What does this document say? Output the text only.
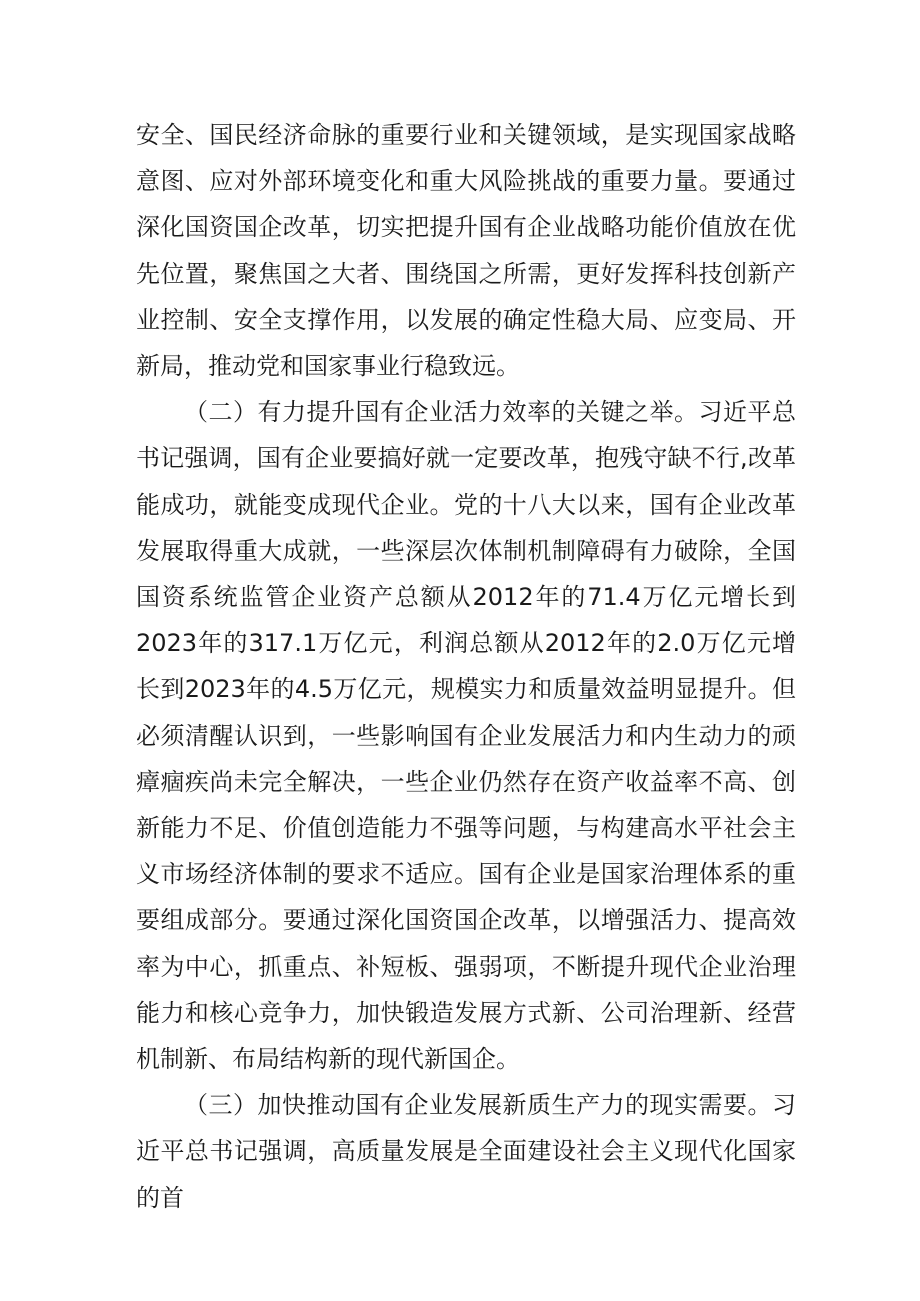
安全、国民经济命脉的重要行业和关键领域，是实现国家战略意图、应对外部环境变化和重大风险挑战的重要力量。要通过深化国资国企改革，切实把提升国有企业战略功能价值放在优先位置，聚焦国之大者、围绕国之所需，更好发挥科技创新产业控制、安全支撑作用，以发展的确定性稳大局、应变局、开新局，推动党和国家事业行稳致远。

（二）有力提升国有企业活力效率的关键之举。习近平总书记强调，国有企业要搞好就一定要改革，抱残守缺不行,改革能成功，就能变成现代企业。党的十八大以来，国有企业改革发展取得重大成就，一些深层次体制机制障碍有力破除，全国国资系统监管企业资产总额从2012年的71.4万亿元增长到2023年的317.1万亿元，利润总额从2012年的2.0万亿元增长到2023年的4.5万亿元，规模实力和质量效益明显提升。但必须清醒认识到，一些影响国有企业发展活力和内生动力的顽瘴痼疾尚未完全解决，一些企业仍然存在资产收益率不高、创新能力不足、价值创造能力不强等问题，与构建高水平社会主义市场经济体制的要求不适应。国有企业是国家治理体系的重要组成部分。要通过深化国资国企改革，以增强活力、提高效率为中心，抓重点、补短板、强弱项，不断提升现代企业治理能力和核心竞争力，加快锻造发展方式新、公司治理新、经营机制新、布局结构新的现代新国企。

（三）加快推动国有企业发展新质生产力的现实需要。习近平总书记强调，高质量发展是全面建设社会主义现代化国家的首
